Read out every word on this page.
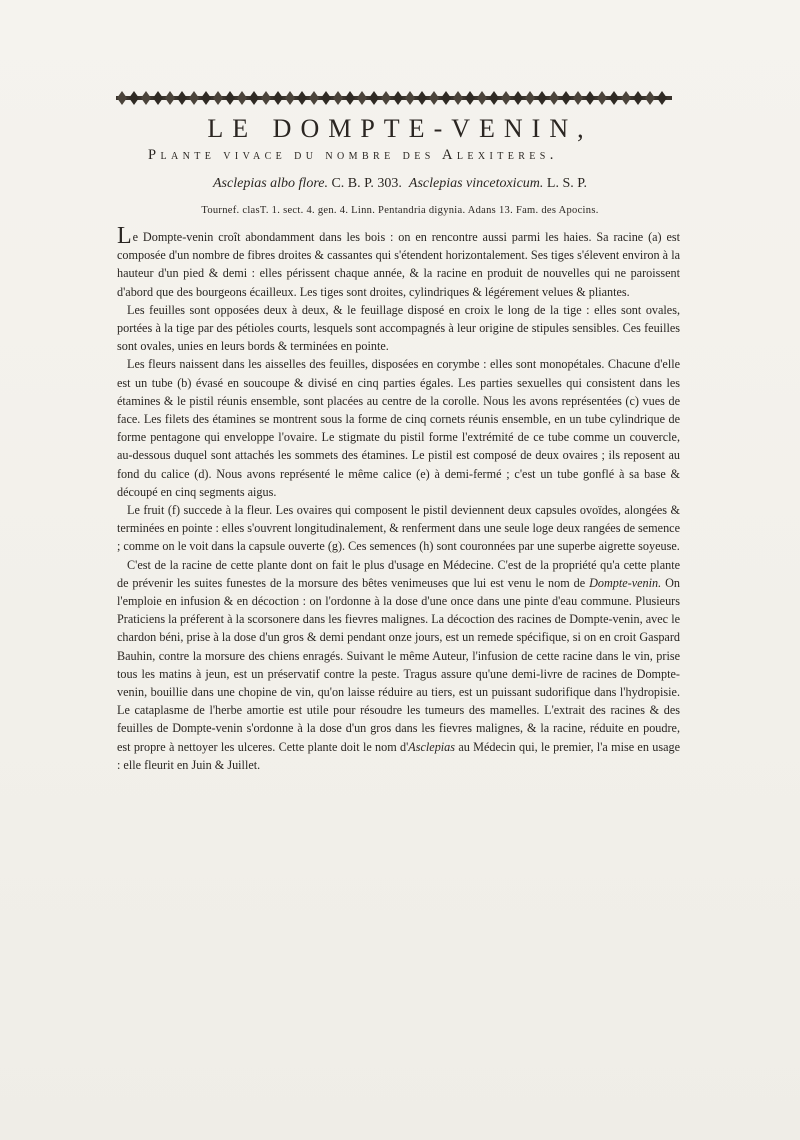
LE DOMPTE-VENIN,
Plante vivace du nombre des Alexiteres.
Asclepias albo flore. C. B. P. 303. Asclepias vincetoxicum. L. S. P.
Tournef. clasT. 1. sect. 4. gen. 4. Linn. Pentandria digynia. Adans 13. Fam. des Apocins.

Le Dompte-venin croît abondamment dans les bois : on en rencontre aussi parmi les haies. Sa racine (a) est composée d'un nombre de fibres droites & cassantes qui s'étendent horizontalement. Ses tiges s'élevent environ à la hauteur d'un pied & demi : elles périssent chaque année, & la racine en produit de nouvelles qui ne paroissent d'abord que des bourgeons écailleux. Les tiges sont droites, cylindriques & légérement velues & pliantes.

Les feuilles sont opposées deux à deux, & le feuillage disposé en croix le long de la tige : elles sont ovales, portées à la tige par des pétioles courts, lesquels sont accompagnés à leur origine de stipules sensibles. Ces feuilles sont ovales, unies en leurs bords & terminées en pointe.

Les fleurs naissent dans les aisselles des feuilles, disposées en corymbe : elles sont monopétales. Chacune d'elle est un tube (b) évasé en soucoupe & divisé en cinq parties égales. Les parties sexuelles qui consistent dans les étamines & le pistil réunis ensemble, sont placées au centre de la corolle. Nous les avons représentées (c) vues de face. Les filets des étamines se montrent sous la forme de cinq cornets réunis ensemble, en un tube cylindrique de forme pentagone qui enveloppe l'ovaire. Le stigmate du pistil forme l'extrémité de ce tube comme un couvercle, au-dessous duquel sont attachés les sommets des étamines. Le pistil est composé de deux ovaires ; ils reposent au fond du calice (d). Nous avons représenté le même calice (e) à demi-fermé ; c'est un tube gonflé à sa base & découpé en cinq segments aigus.

Le fruit (f) succede à la fleur. Les ovaires qui composent le pistil deviennent deux capsules ovoïdes, alongées & terminées en pointe : elles s'ouvrent longitudinalement, & renferment dans une seule loge deux rangées de semence ; comme on le voit dans la capsule ouverte (g). Ces semences (h) sont couronnées par une superbe aigrette soyeuse.

C'est de la racine de cette plante dont on fait le plus d'usage en Médecine. C'est de la propriété qu'a cette plante de prévenir les suites funestes de la morsure des bêtes venimeuses que lui est venu le nom de Dompte-venin. On l'emploie en infusion & en décoction : on l'ordonne à la dose d'une once dans une pinte d'eau commune. Plusieurs Praticiens la préferent à la scorsonere dans les fievres malignes. La décoction des racines de Dompte-venin, avec le chardon béni, prise à la dose d'un gros & demi pendant onze jours, est un remede spécifique, si on en croit Gaspard Bauhin, contre la morsure des chiens enragés. Suivant le même Auteur, l'infusion de cette racine dans le vin, prise tous les matins à jeun, est un préservatif contre la peste. Tragus assure qu'une demi-livre de racines de Dompte-venin, bouillie dans une chopine de vin, qu'on laisse réduire au tiers, est un puissant sudorifique dans l'hydropisie. Le cataplasme de l'herbe amortie est utile pour résoudre les tumeurs des mamelles. L'extrait des racines & des feuilles de Dompte-venin s'ordonne à la dose d'un gros dans les fievres malignes, & la racine, réduite en poudre, est propre à nettoyer les ulceres. Cette plante doit le nom d'Asclepias au Médecin qui, le premier, l'a mise en usage : elle fleurit en Juin & Juillet.
